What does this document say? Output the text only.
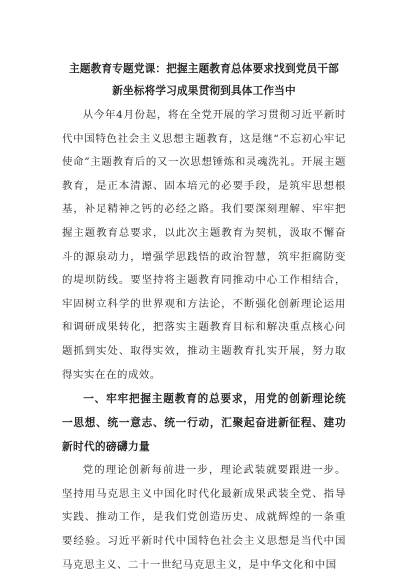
主题教育专题党课：把握主题教育总体要求找到党员干部
新坐标将学习成果贯彻到具体工作当中

从今年4月份起，将在全党开展的学习贯彻习近平新时代中国特色社会主义思想主题教育，这是继“不忘初心牢记使命”主题教育后的又一次思想锤炼和灵魂洗礼。开展主题教育，是正本清源、固本培元的必要手段，是筑牢思想根基，补足精神之钙的必经之路。我们要深刻理解、牢牢把握主题教育总要求，以此次主题教育为契机，汲取不懈奋斗的源泉动力，增强学思践悟的政治智慧，筑牢拒腐防变的堤坝防线。要坚持将主题教育同推动中心工作相结合，牢固树立科学的世界观和方法论，不断强化创新理论运用和调研成果转化，把落实主题教育目标和解决重点核心问题抓到实处、取得实效，推动主题教育扎实开展，努力取得实实在在的成效。

一、牢牢把握主题教育的总要求，用党的创新理论统一思想、统一意志、统一行动，汇聚起奋进新征程、建功新时代的磅礴力量

党的理论创新每前进一步，理论武装就要跟进一步。坚持用马克思主义中国化时代化最新成果武装全党、指导实践、推动工作，是我们党创造历史、成就辉煌的一条重要经验。习近平新时代中国特色社会主义思想是当代中国马克思主义、二十一世纪马克思主义，是中华文化和中国
